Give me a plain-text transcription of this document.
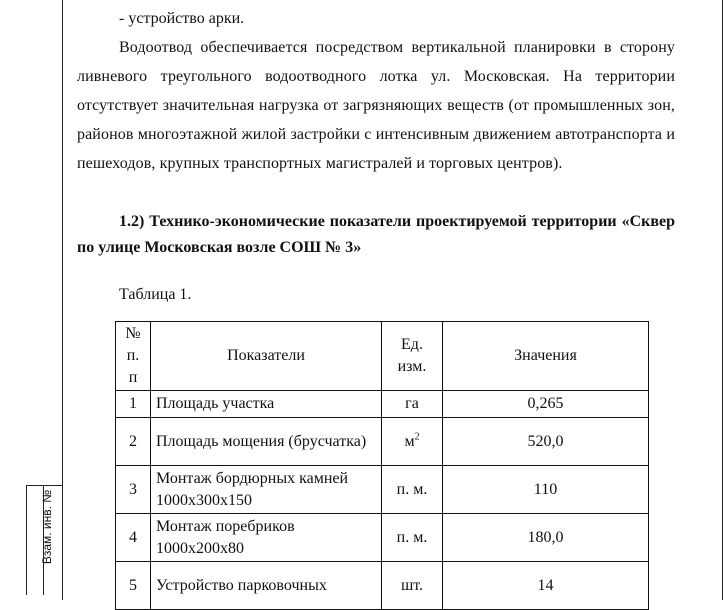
Взам. инв. №
- устройство арки.

Водоотвод обеспечивается посредством вертикальной планировки в сторону ливневого треугольного водоотводного лотка ул. Московская. На территории отсутствует значительная нагрузка от загрязняющих веществ (от промышленных зон, районов многоэтажной жилой застройки с интенсивным движением автотранспорта и пешеходов, крупных транспортных магистралей и торговых центров).

1.2) Технико-экономические показатели проектируемой территории «Сквер по улице Московская возле СОШ № 3»

Таблица 1.
№ п. п	Показатели	Ед. изм.	Значения
1	Площадь участка	га	0,265
2	Площадь мощения (брусчатка)	$м^2$	520,0
3	Монтаж бордюрных камней 1000х300х150	п. м.	110
4	Монтаж поребриков 1000х200х80	п. м.	180,0
5	Устройство парковочных	шт.	14
